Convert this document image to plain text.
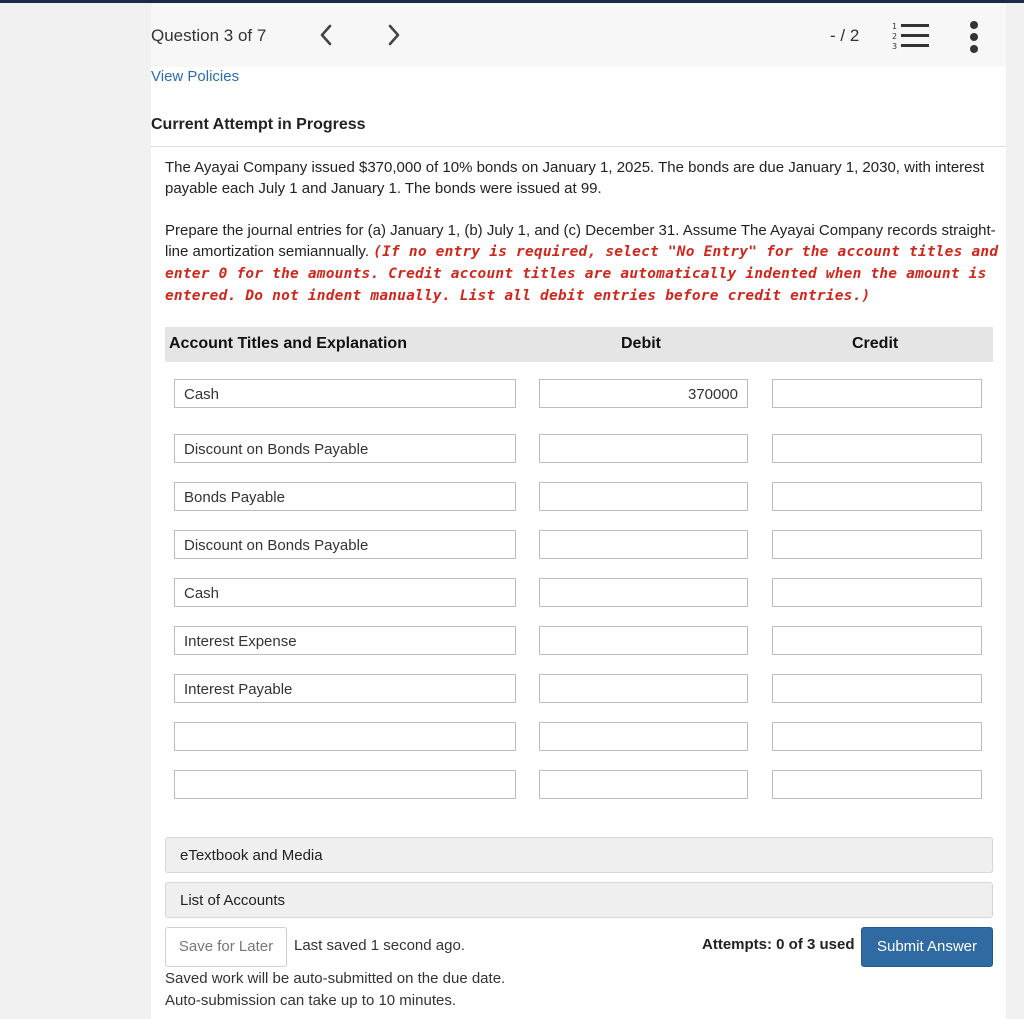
Question 3 of 7	- / 2	1
2
3
View Policies
Current Attempt in Progress
The Ayayai Company issued $370,000 of 10% bonds on January 1, 2025. The bonds are due January 1, 2030, with interest payable each July 1 and January 1. The bonds were issued at 99.
Prepare the journal entries for (a) January 1, (b) July 1, and (c) December 31. Assume The Ayayai Company records straight-line amortization semiannually. (If no entry is required, select "No Entry" for the account titles and enter 0 for the amounts. Credit account titles are automatically indented when the amount is entered. Do not indent manually. List all debit entries before credit entries.)
Account Titles and Explanation	Debit	Credit
Cash	370000
Discount on Bonds Payable
Bonds Payable
Discount on Bonds Payable
Cash
Interest Expense
Interest Payable
eTextbook and Media
List of Accounts
Save for Later	Last saved 1 second ago.
Saved work will be auto-submitted on the due date.
Auto-submission can take up to 10 minutes.
Attempts: 0 of 3 used	Submit Answer
